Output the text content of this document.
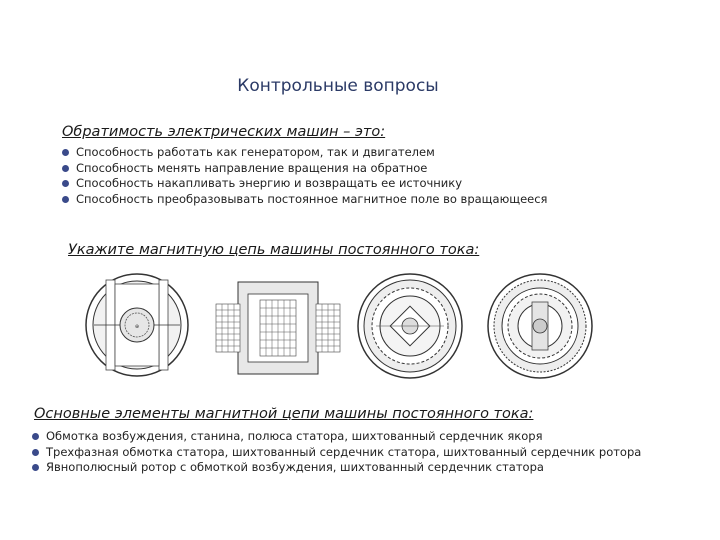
Контрольные вопросы
Обратимость электрических машин – это:
Способность работать как генератором, так и двигателем
Способность менять направление вращения на обратное
Способность накапливать энергию и возвращать ее источнику
Способность преобразовывать постоянное магнитное поле во вращающееся
Укажите магнитную цепь машины постоянного тока:
⊕
Основные элементы магнитной цепи машины постоянного тока:
Обмотка возбуждения, станина, полюса статора, шихтованный сердечник якоря
Трехфазная обмотка статора, шихтованный сердечник статора, шихтованный сердечник ротора
Явнополюсный ротор с обмоткой возбуждения, шихтованный сердечник статора
